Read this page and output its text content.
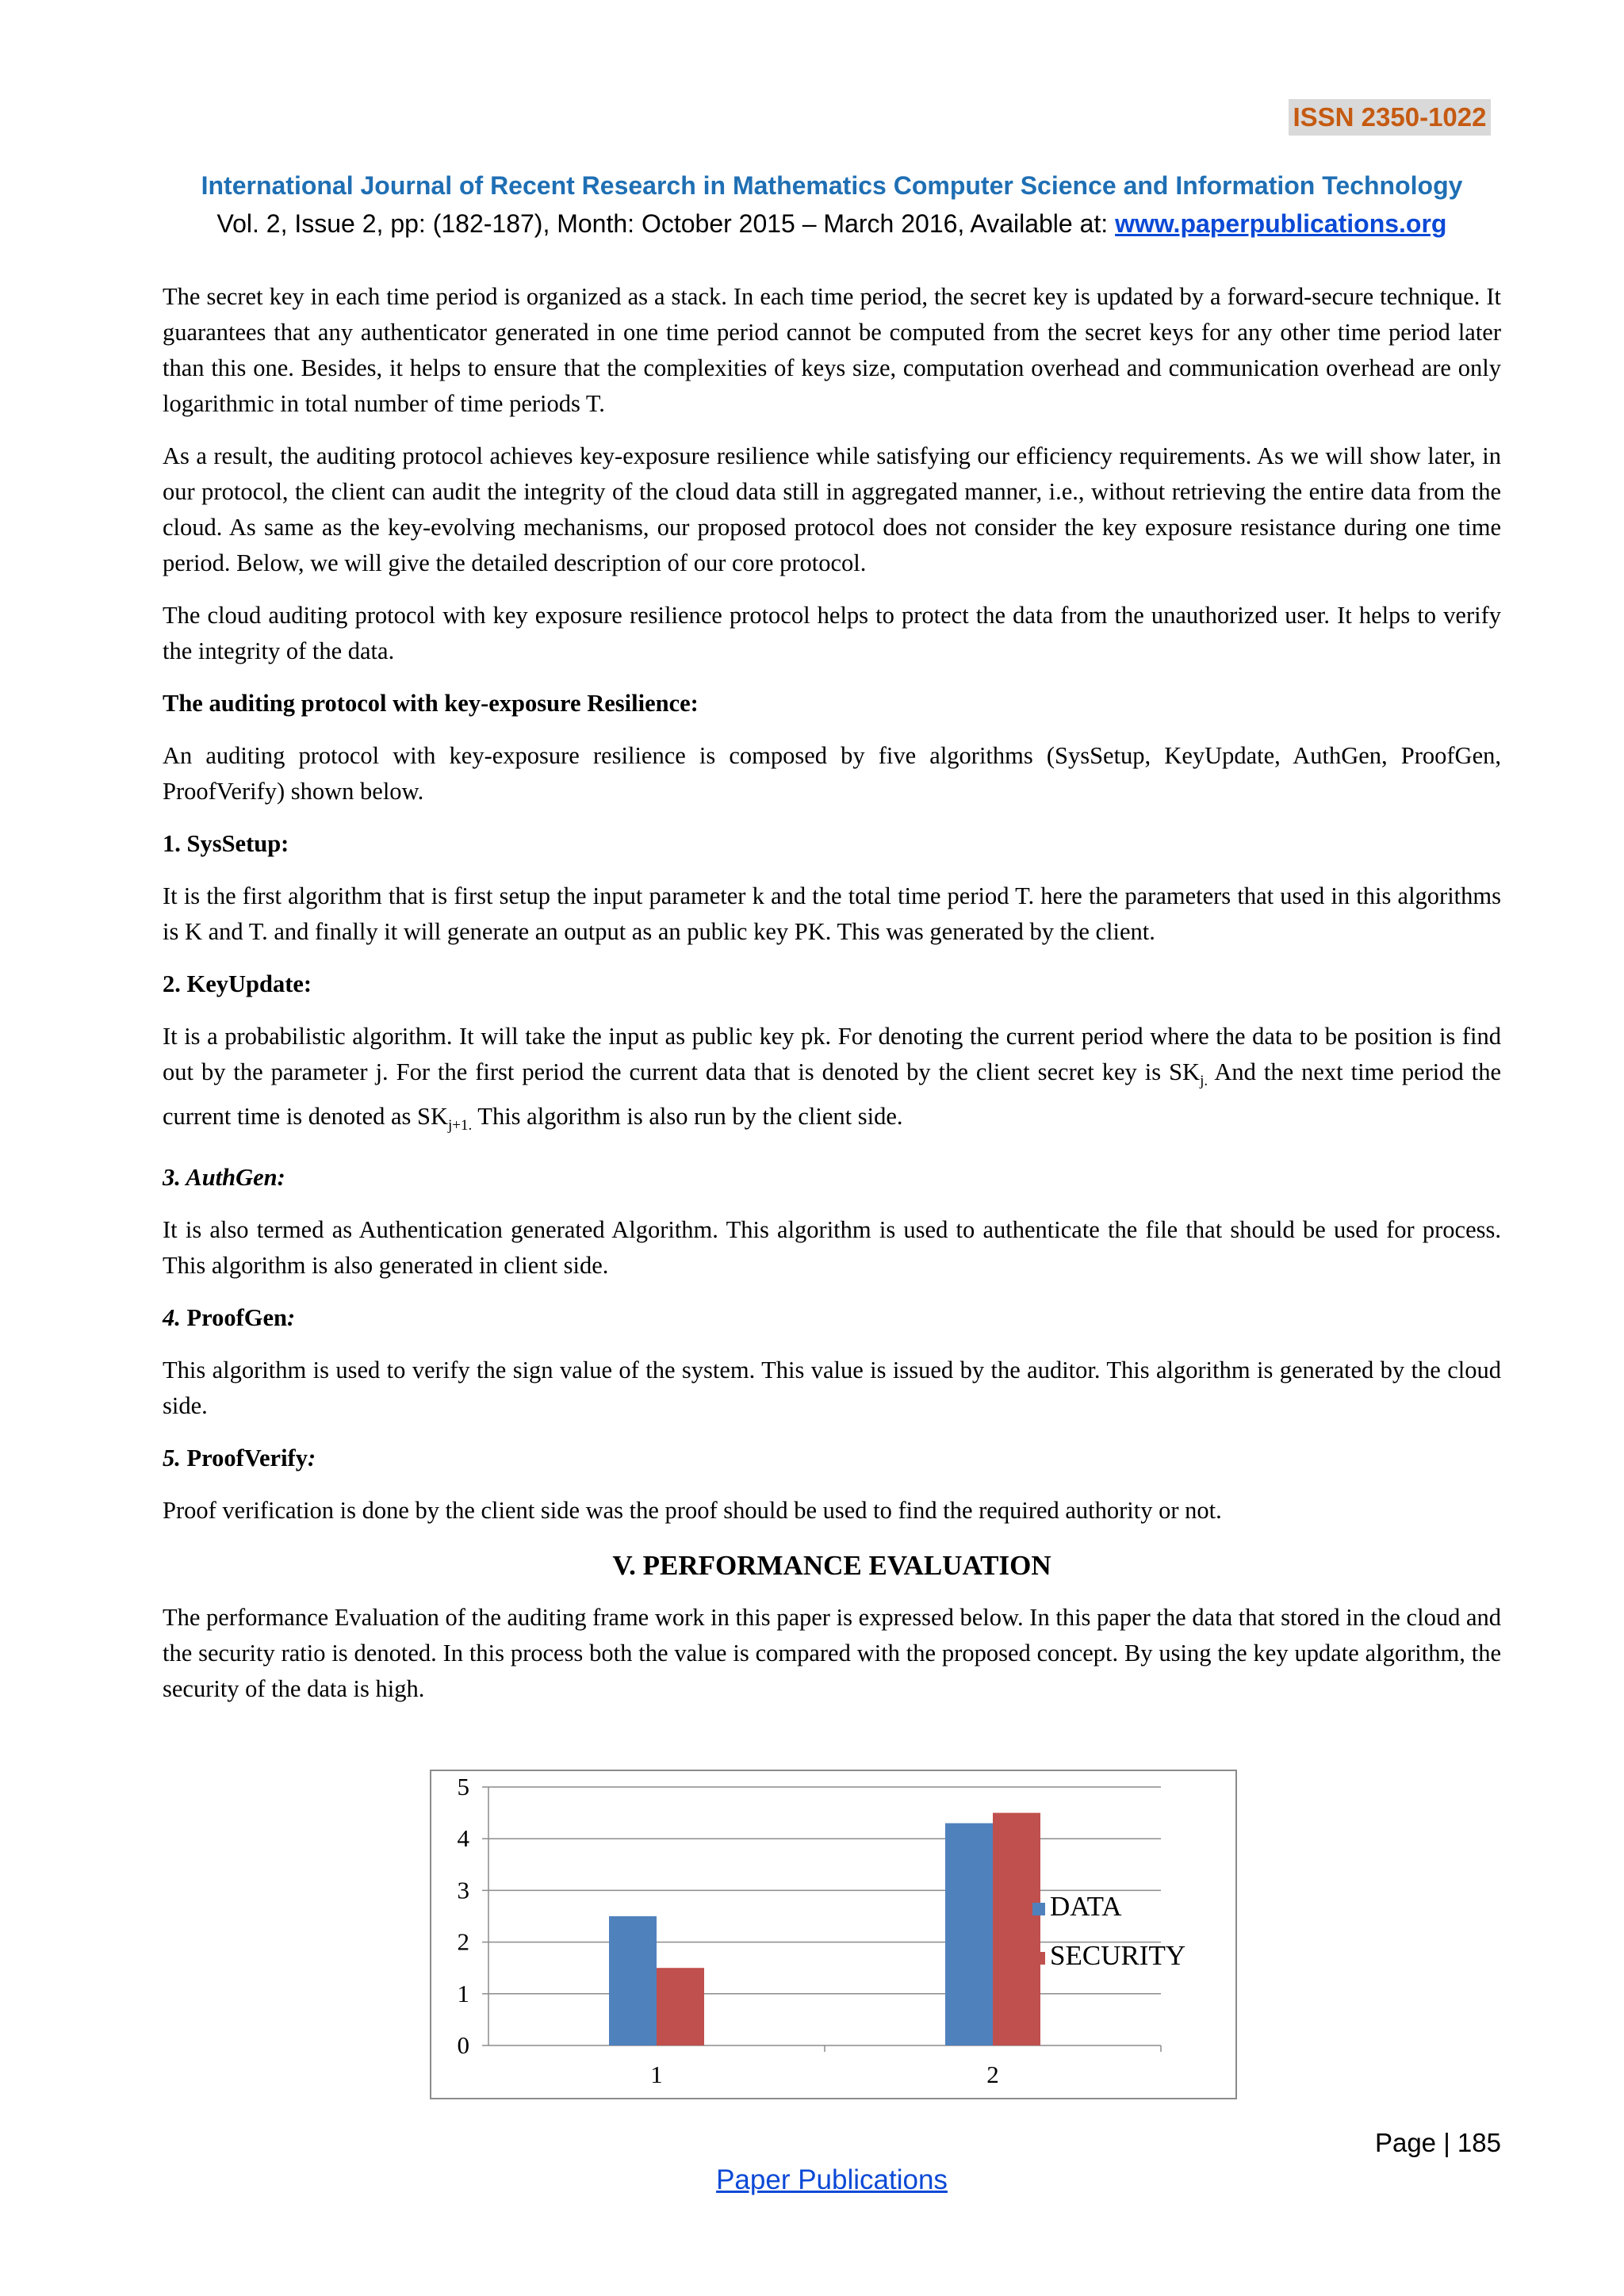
ISSN 2350-1022
International Journal of Recent Research in Mathematics Computer Science and Information Technology
Vol. 2, Issue 2, pp: (182-187), Month: October 2015 – March 2016, Available at: www.paperpublications.org

The secret key in each time period is organized as a stack. In each time period, the secret key is updated by a forward-secure technique. It guarantees that any authenticator generated in one time period cannot be computed from the secret keys for any other time period later than this one. Besides, it helps to ensure that the complexities of keys size, computation overhead and communication overhead are only logarithmic in total number of time periods T.

As a result, the auditing protocol achieves key-exposure resilience while satisfying our efficiency requirements. As we will show later, in our protocol, the client can audit the integrity of the cloud data still in aggregated manner, i.e., without retrieving the entire data from the cloud. As same as the key-evolving mechanisms, our proposed protocol does not consider the key exposure resistance during one time period. Below, we will give the detailed description of our core protocol.

The cloud auditing protocol with key exposure resilience protocol helps to protect the data from the unauthorized user. It helps to verify the integrity of the data.

The auditing protocol with key-exposure Resilience:

An auditing protocol with key-exposure resilience is composed by five algorithms (SysSetup, KeyUpdate, AuthGen, ProofGen, ProofVerify) shown below.

1. SysSetup:

It is the first algorithm that is first setup the input parameter k and the total time period T. here the parameters that used in this algorithms is K and T. and finally it will generate an output as an public key PK. This was generated by the client.

2. KeyUpdate:

It is a probabilistic algorithm. It will take the input as public key pk. For denoting the current period where the data to be position is find out by the parameter j. For the first period the current data that is denoted by the client secret key is $SK_{j.}$ And the next time period the current time is denoted as $SK_{j+1.}$ This algorithm is also run by the client side.

3. AuthGen:

It is also termed as Authentication generated Algorithm. This algorithm is used to authenticate the file that should be used for process. This algorithm is also generated in client side.

4. ProofGen:

This algorithm is used to verify the sign value of the system. This value is issued by the auditor. This algorithm is generated by the cloud side.

5. ProofVerify:

Proof verification is done by the client side was the proof should be used to find the required authority or not.

V. PERFORMANCE EVALUATION

The performance Evaluation of the auditing frame work in this paper is expressed below. In this paper the data that stored in the cloud and the security ratio is denoted. In this process both the value is compared with the proposed concept. By using the key update algorithm, the security of the data is high.

0
1
2
3
4
5
1	2
DATA
SECURITY
Page | 185
Paper Publications
